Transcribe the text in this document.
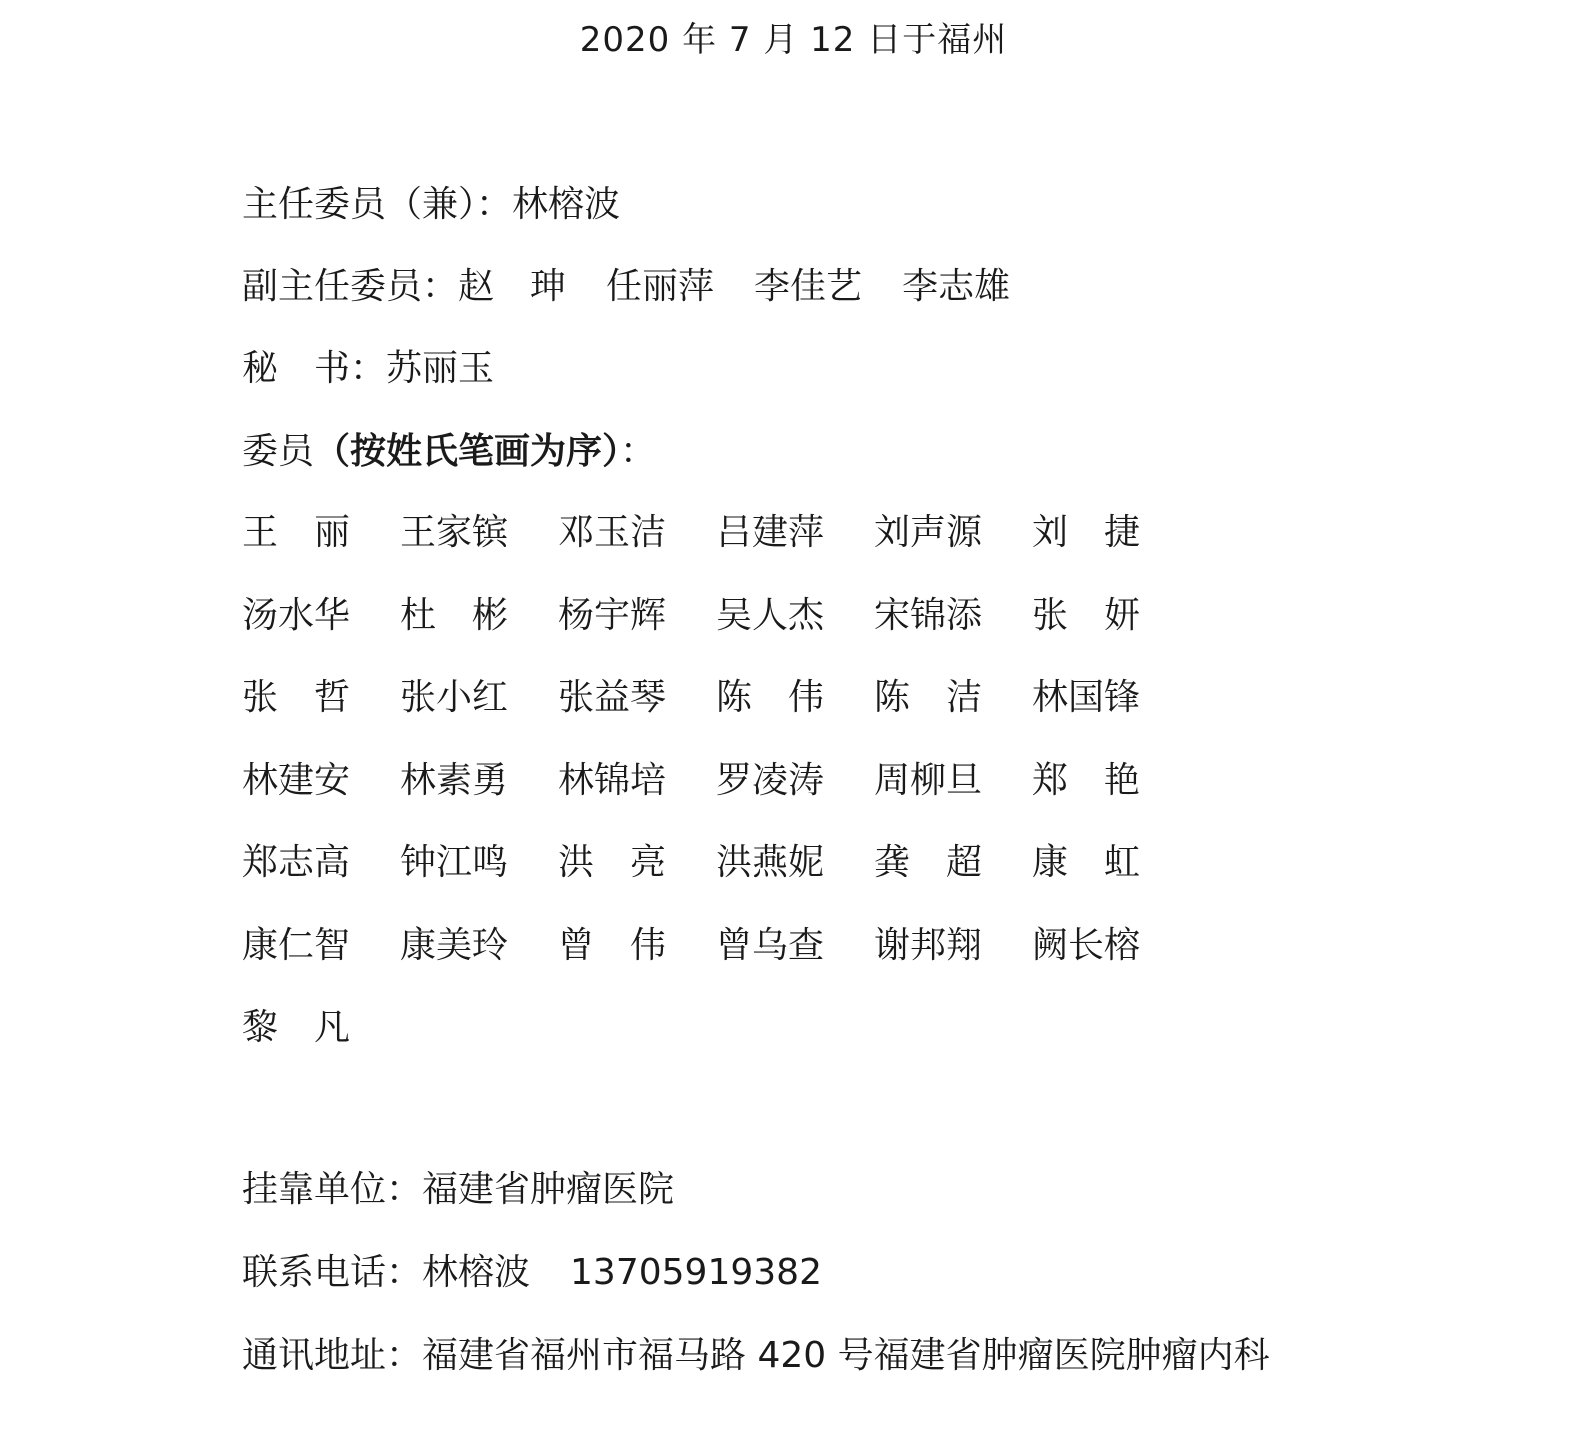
2020 年 7 月 12 日于福州
主任委员（兼）：林榕波
副主任委员：赵　珅 任丽萍 李佳艺 李志雄
秘　书：苏丽玉
委员（按姓氏笔画为序）：
王　丽	王家镔	邓玉洁	吕建萍	刘声源	刘　捷
汤水华	杜　彬	杨宇辉	吴人杰	宋锦添	张　妍
张　哲	张小红	张益琴	陈　伟	陈　洁	林国锋
林建安	林素勇	林锦培	罗凌涛	周柳旦	郑　艳
郑志高	钟江鸣	洪　亮	洪燕妮	龚　超	康　虹
康仁智	康美玲	曾　伟	曾乌查	谢邦翔	阙长榕
黎　凡
挂靠单位：福建省肿瘤医院
联系电话：林榕波 13705919382
通讯地址：福建省福州市福马路 420 号福建省肿瘤医院肿瘤内科
